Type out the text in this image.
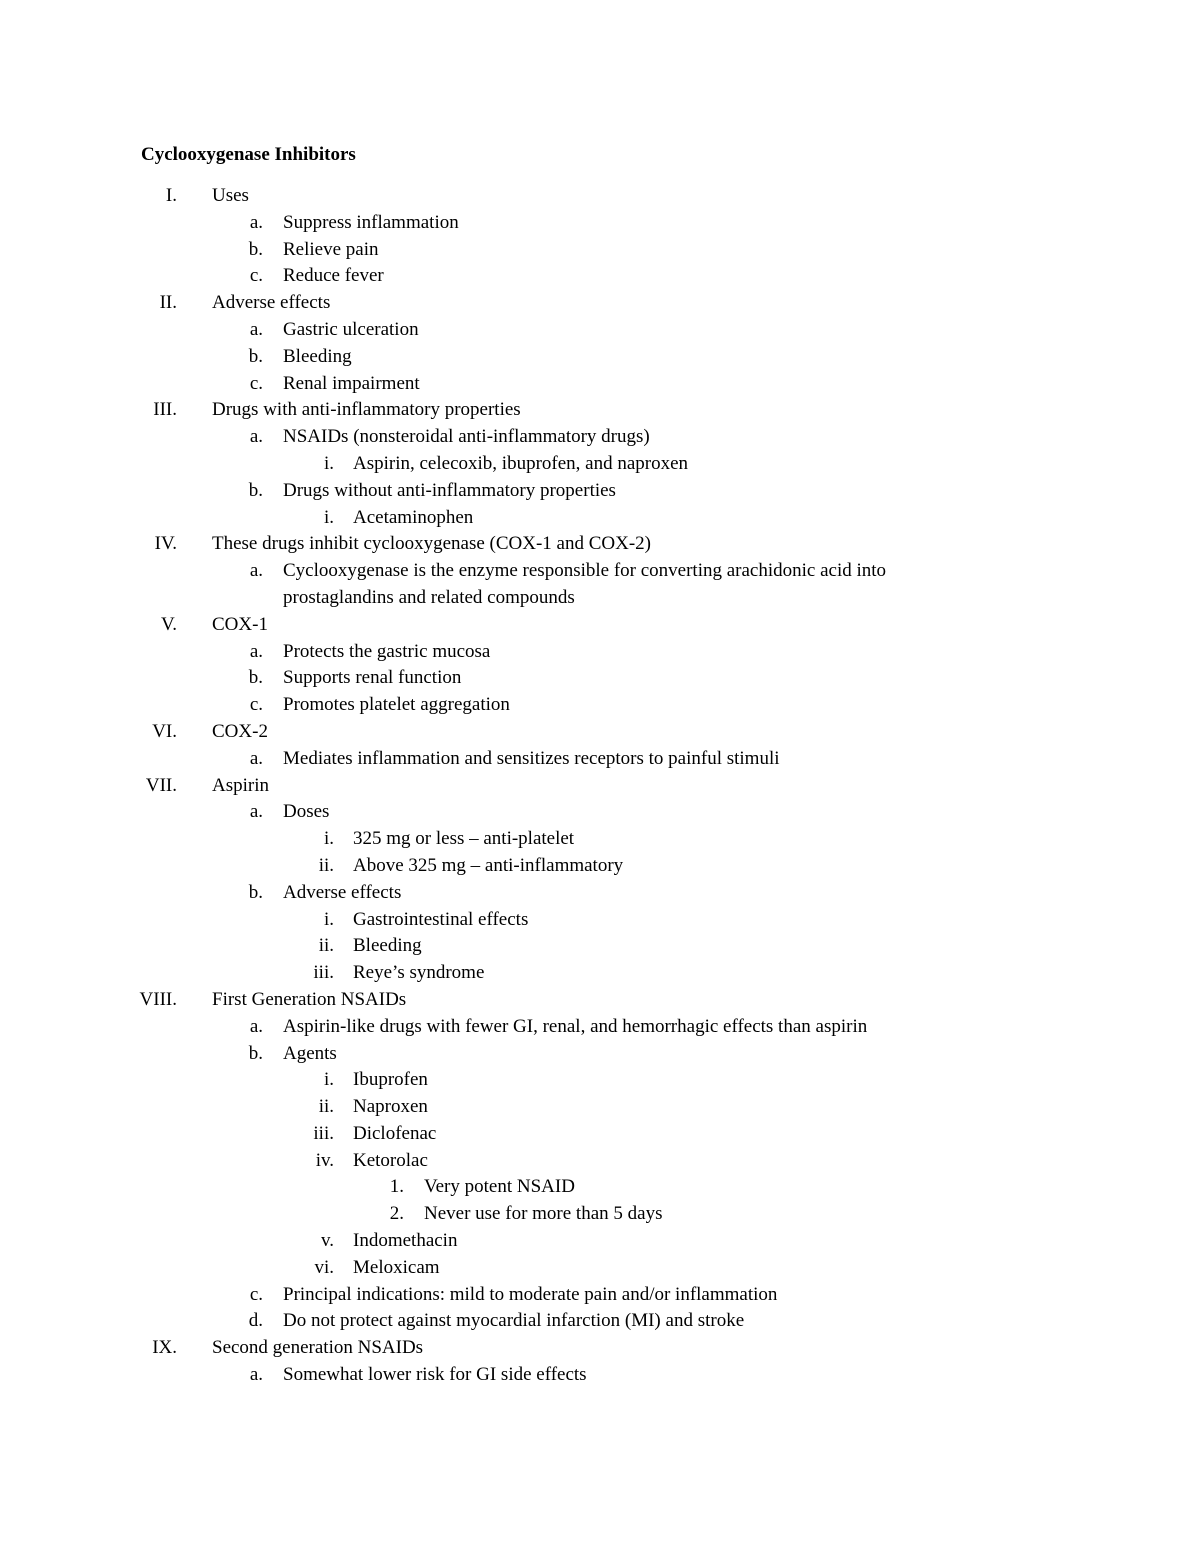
Cyclooxygenase Inhibitors
I. Uses
a. Suppress inflammation
b. Relieve pain
c. Reduce fever
II. Adverse effects
a. Gastric ulceration
b. Bleeding
c. Renal impairment
III. Drugs with anti-inflammatory properties
a. NSAIDs (nonsteroidal anti-inflammatory drugs)
i. Aspirin, celecoxib, ibuprofen, and naproxen
b. Drugs without anti-inflammatory properties
i. Acetaminophen
IV. These drugs inhibit cyclooxygenase (COX-1 and COX-2)
a. Cyclooxygenase is the enzyme responsible for converting arachidonic acid into
prostaglandins and related compounds
V. COX-1
a. Protects the gastric mucosa
b. Supports renal function
c. Promotes platelet aggregation
VI. COX-2
a. Mediates inflammation and sensitizes receptors to painful stimuli
VII. Aspirin
a. Doses
i. 325 mg or less – anti-platelet
ii. Above 325 mg – anti-inflammatory
b. Adverse effects
i. Gastrointestinal effects
ii. Bleeding
iii. Reye’s syndrome
VIII. First Generation NSAIDs
a. Aspirin-like drugs with fewer GI, renal, and hemorrhagic effects than aspirin
b. Agents
i. Ibuprofen
ii. Naproxen
iii. Diclofenac
iv. Ketorolac
1. Very potent NSAID
2. Never use for more than 5 days
v. Indomethacin
vi. Meloxicam
c. Principal indications: mild to moderate pain and/or inflammation
d. Do not protect against myocardial infarction (MI) and stroke
IX. Second generation NSAIDs
a. Somewhat lower risk for GI side effects
